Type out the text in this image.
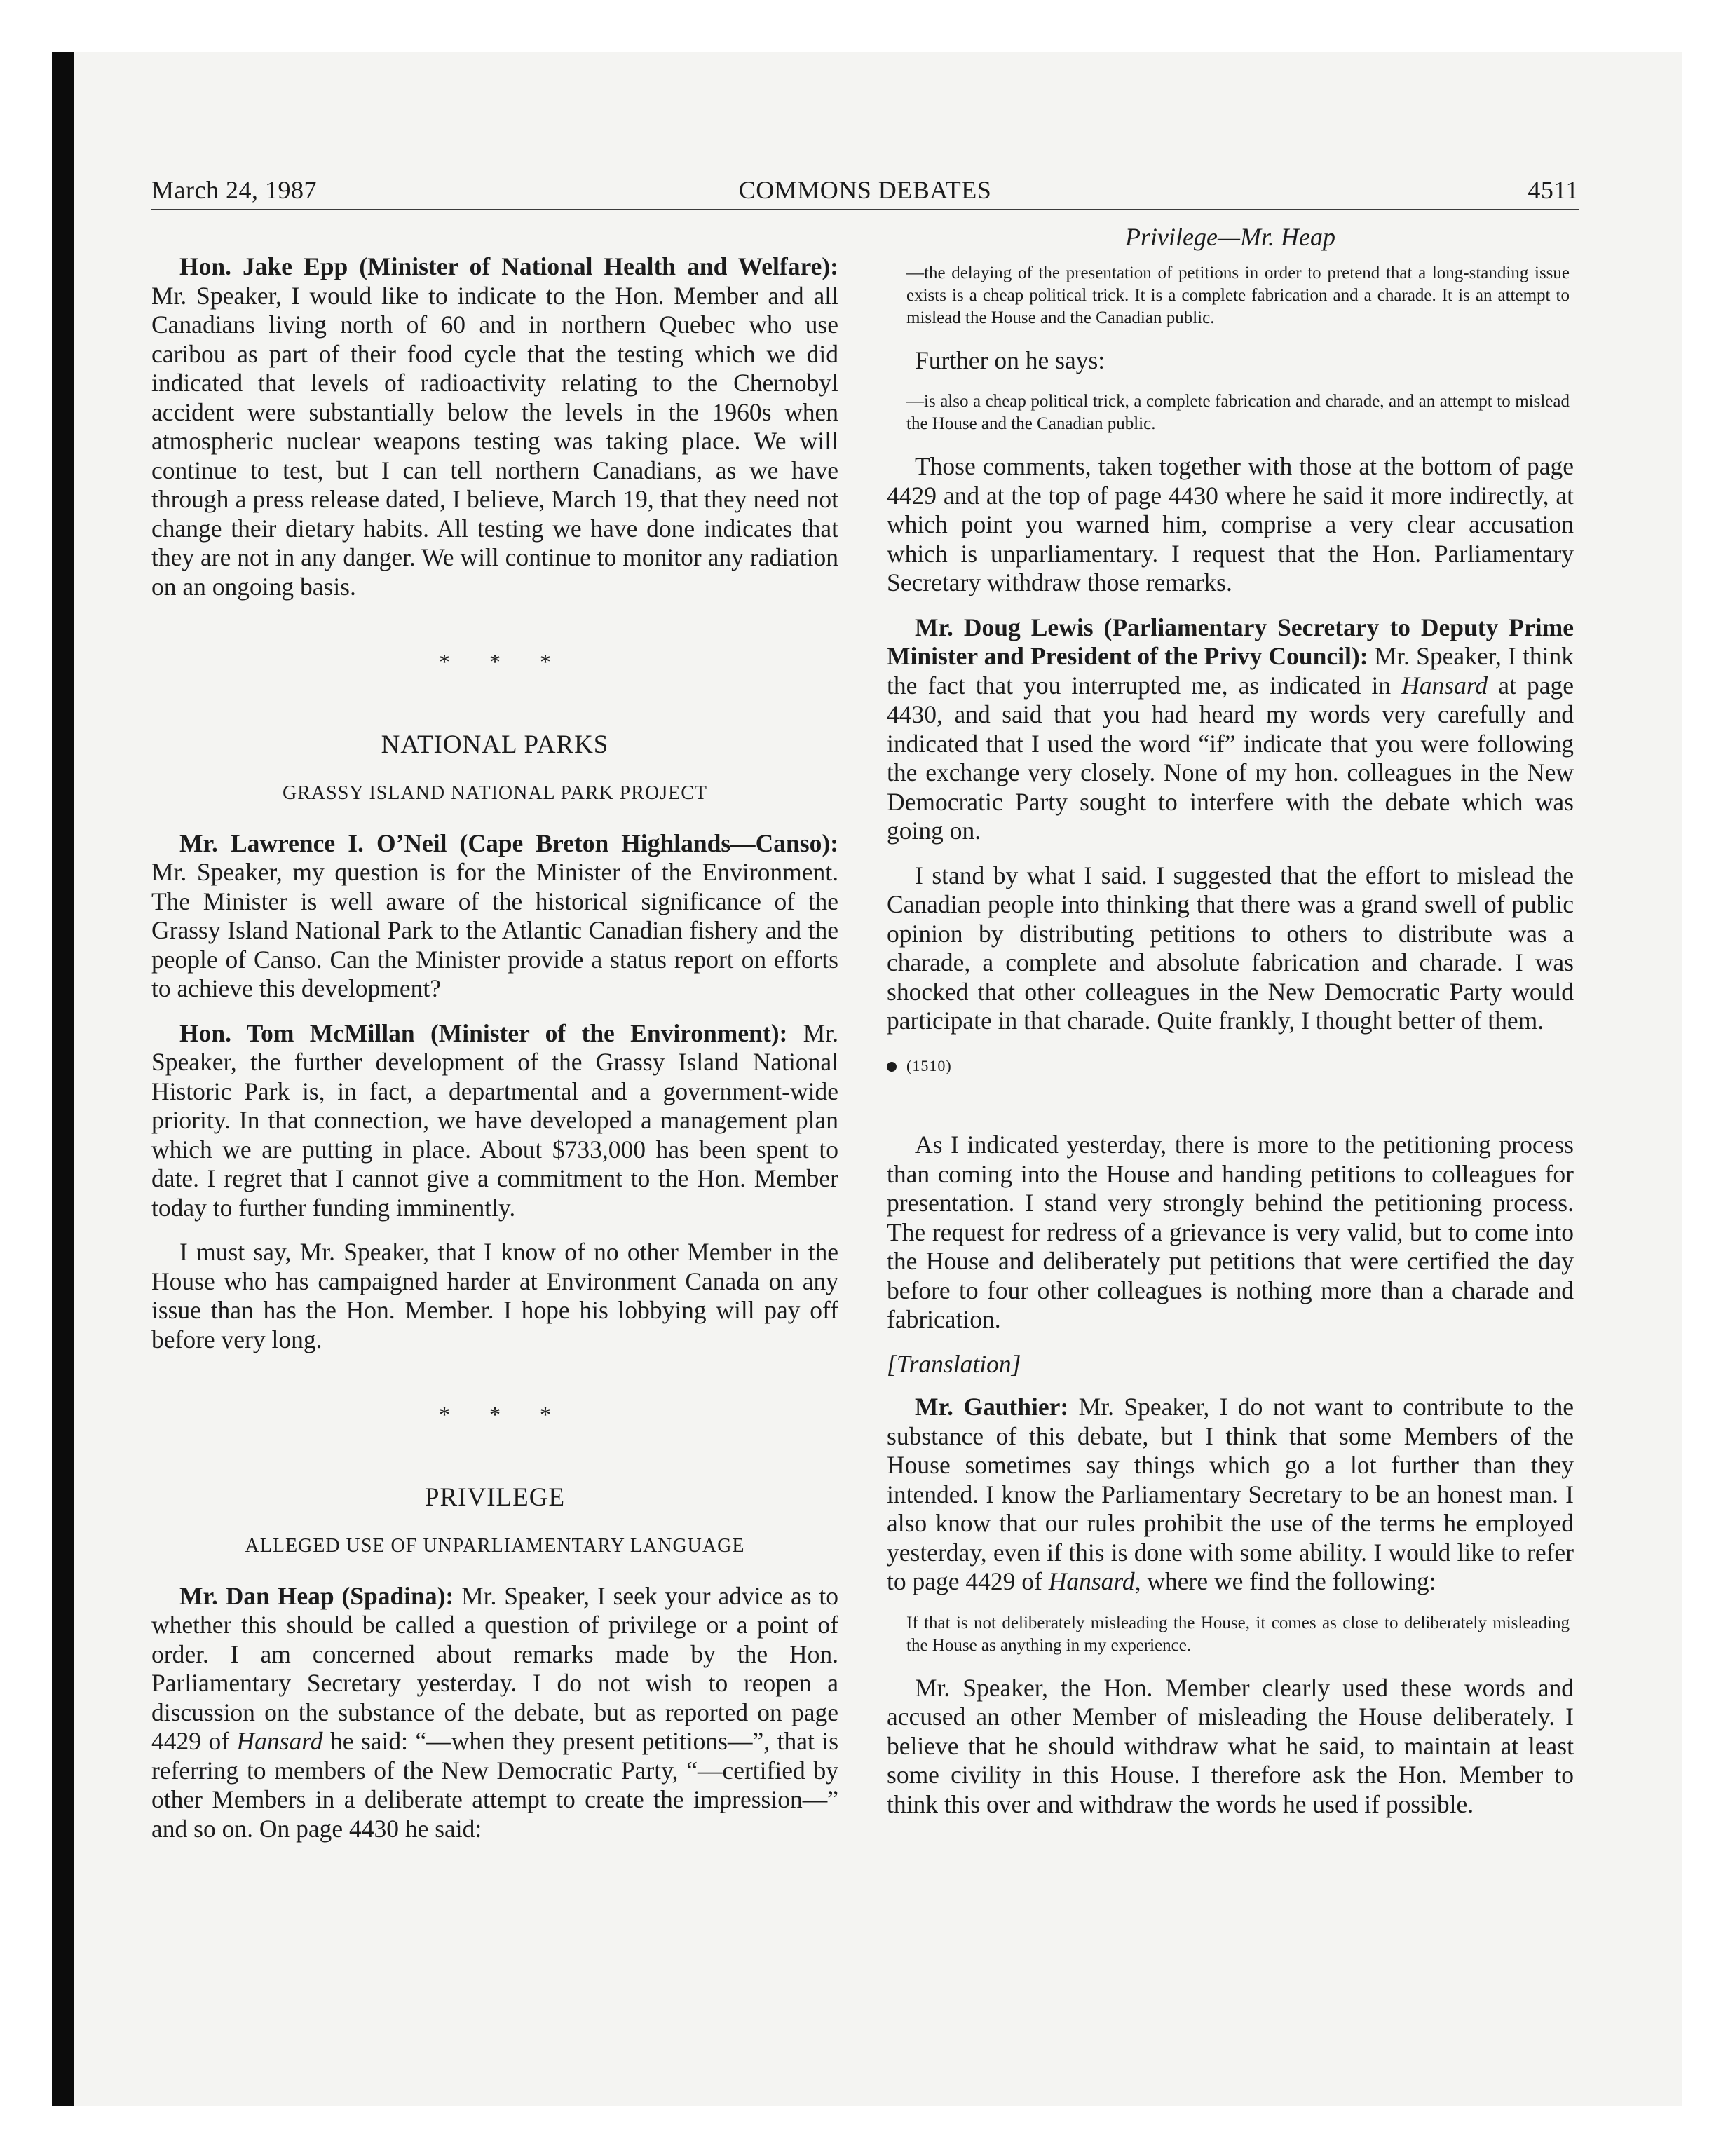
March 24, 1987	COMMONS DEBATES	4511

Hon. Jake Epp (Minister of National Health and Welfare): Mr. Speaker, I would like to indicate to the Hon. Member and all Canadians living north of 60 and in northern Quebec who use caribou as part of their food cycle that the testing which we did indicated that levels of radioactivity relating to the Chernobyl accident were substantially below the levels in the 1960s when atmospheric nuclear weapons testing was taking place. We will continue to test, but I can tell northern Canadians, as we have through a press release dated, I believe, March 19, that they need not change their dietary habits. All testing we have done indicates that they are not in any danger. We will continue to monitor any radiation on an ongoing basis.

* * *
NATIONAL PARKS
GRASSY ISLAND NATIONAL PARK PROJECT

Mr. Lawrence I. O’Neil (Cape Breton Highlands—Canso): Mr. Speaker, my question is for the Minister of the Environment. The Minister is well aware of the historical significance of the Grassy Island National Park to the Atlantic Canadian fishery and the people of Canso. Can the Minister provide a status report on efforts to achieve this development?

Hon. Tom McMillan (Minister of the Environment): Mr. Speaker, the further development of the Grassy Island National Historic Park is, in fact, a departmental and a government-wide priority. In that connection, we have developed a management plan which we are putting in place. About $733,000 has been spent to date. I regret that I cannot give a commitment to the Hon. Member today to further funding imminently.

I must say, Mr. Speaker, that I know of no other Member in the House who has campaigned harder at Environment Canada on any issue than has the Hon. Member. I hope his lobbying will pay off before very long.

* * *
PRIVILEGE
ALLEGED USE OF UNPARLIAMENTARY LANGUAGE

Mr. Dan Heap (Spadina): Mr. Speaker, I seek your advice as to whether this should be called a question of privilege or a point of order. I am concerned about remarks made by the Hon. Parliamentary Secretary yesterday. I do not wish to reopen a discussion on the substance of the debate, but as reported on page 4429 of Hansard he said: “—when they present petitions—”, that is referring to members of the New Democratic Party, “—certified by other Members in a deliberate attempt to create the impression—” and so on. On page 4430 he said:

Privilege—Mr. Heap
—the delaying of the presentation of petitions in order to pretend that a long-standing issue exists is a cheap political trick. It is a complete fabrication and a charade. It is an attempt to mislead the House and the Canadian public.

Further on he says:

—is also a cheap political trick, a complete fabrication and charade, and an attempt to mislead the House and the Canadian public.

Those comments, taken together with those at the bottom of page 4429 and at the top of page 4430 where he said it more indirectly, at which point you warned him, comprise a very clear accusation which is unparliamentary. I request that the Hon. Parliamentary Secretary withdraw those remarks.

Mr. Doug Lewis (Parliamentary Secretary to Deputy Prime Minister and President of the Privy Council): Mr. Speaker, I think the fact that you interrupted me, as indicated in Hansard at page 4430, and said that you had heard my words very carefully and indicated that I used the word “if” indicate that you were following the exchange very closely. None of my hon. colleagues in the New Democratic Party sought to interfere with the debate which was going on.

I stand by what I said. I suggested that the effort to mislead the Canadian people into thinking that there was a grand swell of public opinion by distributing petitions to others to distribute was a charade, a complete and absolute fabrication and charade. I was shocked that other colleagues in the New Democratic Party would participate in that charade. Quite frankly, I thought better of them.

(1510)

As I indicated yesterday, there is more to the petitioning process than coming into the House and handing petitions to colleagues for presentation. I stand very strongly behind the petitioning process. The request for redress of a grievance is very valid, but to come into the House and deliberately put petitions that were certified the day before to four other colleagues is nothing more than a charade and fabrication.

[Translation]

Mr. Gauthier: Mr. Speaker, I do not want to contribute to the substance of this debate, but I think that some Members of the House sometimes say things which go a lot further than they intended. I know the Parliamentary Secretary to be an honest man. I also know that our rules prohibit the use of the terms he employed yesterday, even if this is done with some ability. I would like to refer to page 4429 of Hansard, where we find the following:

If that is not deliberately misleading the House, it comes as close to deliberately misleading the House as anything in my experience.

Mr. Speaker, the Hon. Member clearly used these words and accused an other Member of misleading the House deliberately. I believe that he should withdraw what he said, to maintain at least some civility in this House. I therefore ask the Hon. Member to think this over and withdraw the words he used if possible.
